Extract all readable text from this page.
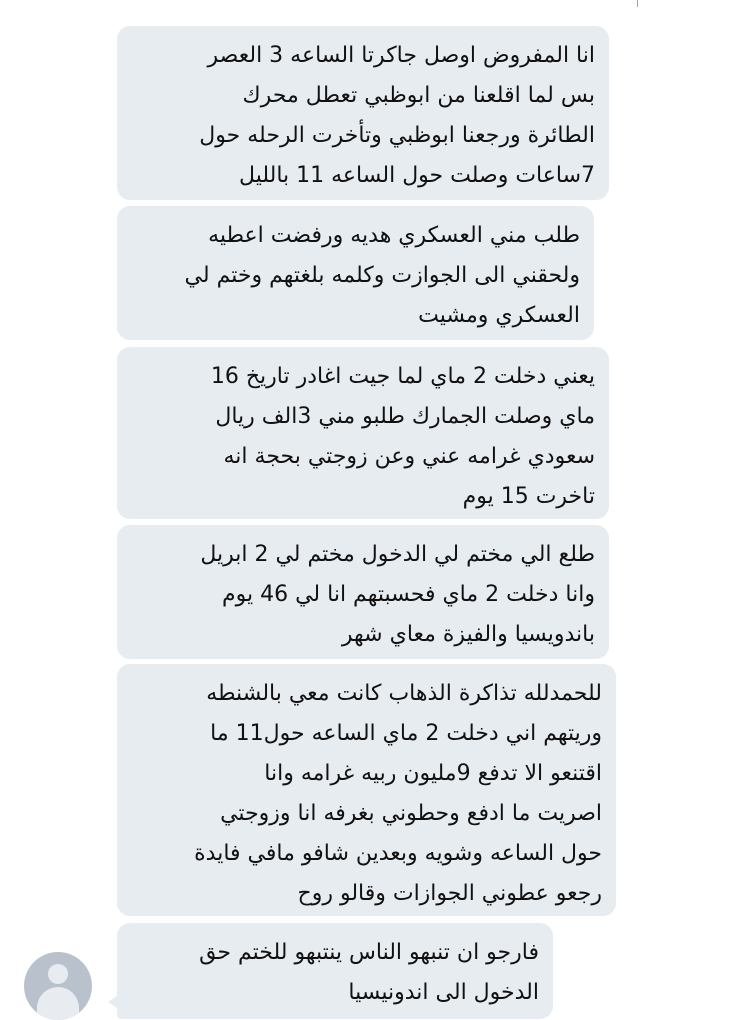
انا المفروض اوصل جاكرتا الساعه 3 العصر
بس لما اقلعنا من ابوظبي تعطل محرك
الطائرة ورجعنا ابوظبي وتأخرت الرحله حول
7ساعات وصلت حول الساعه 11 بالليل
طلب مني العسكري هديه ورفضت اعطيه
ولحقني الى الجوازت وكلمه بلغتهم وختم لي
العسكري ومشيت
يعني دخلت 2 ماي لما جيت اغادر تاريخ 16
ماي وصلت الجمارك طلبو مني 3الف ريال
سعودي غرامه عني وعن زوجتي بحجة انه
تاخرت 15 يوم
طلع الي مختم لي الدخول مختم لي 2 ابريل
وانا دخلت 2 ماي فحسبتهم انا لي 46 يوم
باندويسيا والفيزة معاي شهر
للحمدلله تذاكرة الذهاب كانت معي بالشنطه
وريتهم اني دخلت 2 ماي الساعه حول11 ما
اقتنعو الا تدفع 9مليون ربيه غرامه وانا
اصريت ما ادفع وحطوني بغرفه انا وزوجتي
حول الساعه وشويه وبعدين شافو مافي فايدة
رجعو عطوني الجوازات وقالو روح
فارجو ان تنبهو الناس ينتبهو للختم حق
الدخول الى اندونيسيا
